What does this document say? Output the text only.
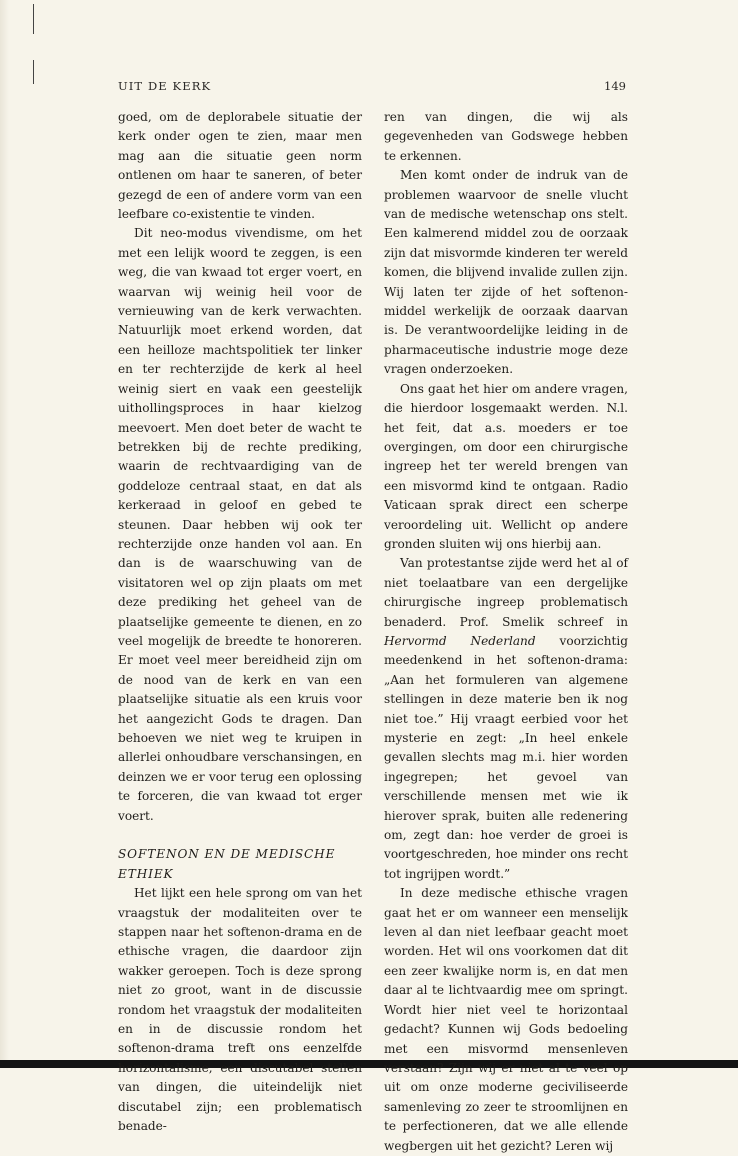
UIT DE KERK	149

goed, om de deplorabele situatie der kerk onder ogen te zien, maar men mag aan die situatie geen norm ontlenen om haar te saneren, of beter gezegd de een of andere vorm van een leefbare co-existentie te vinden.

Dit neo-modus vivendisme, om het met een lelijk woord te zeggen, is een weg, die van kwaad tot erger voert, en waarvan wij weinig heil voor de vernieuwing van de kerk verwachten. Natuurlijk moet erkend worden, dat een heilloze machtspolitiek ter linker en ter rechterzijde de kerk al heel weinig siert en vaak een geestelijk uithollingsproces in haar kielzog meevoert. Men doet beter de wacht te betrekken bij de rechte prediking, waarin de rechtvaardiging van de goddeloze centraal staat, en dat als kerkeraad in geloof en gebed te steunen. Daar hebben wij ook ter rechterzijde onze handen vol aan. En dan is de waarschuwing van de visitatoren wel op zijn plaats om met deze prediking het geheel van de plaatselijke gemeente te dienen, en zo veel mogelijk de breedte te honoreren. Er moet veel meer bereidheid zijn om de nood van de kerk en van een plaatselijke situatie als een kruis voor het aangezicht Gods te dragen. Dan behoeven we niet weg te kruipen in allerlei onhoudbare verschansingen, en deinzen we er voor terug een oplossing te forceren, die van kwaad tot erger voert.

SOFTENON EN DE MEDISCHE
ETHIEK

Het lijkt een hele sprong om van het vraagstuk der modaliteiten over te stappen naar het softenon-drama en de ethische vragen, die daardoor zijn wakker geroepen. Toch is deze sprong niet zo groot, want in de discussie rondom het vraagstuk der modaliteiten en in de discussie rondom het softenon-drama treft ons eenzelfde horizontalisme, een discutabel stellen van dingen, die uiteindelijk niet discutabel zijn; een problematisch benade-

ren van dingen, die wij als gegevenheden van Godswege hebben te erkennen.

Men komt onder de indruk van de problemen waarvoor de snelle vlucht van de medische wetenschap ons stelt. Een kalmerend middel zou de oorzaak zijn dat misvormde kinderen ter wereld komen, die blijvend invalide zullen zijn. Wij laten ter zijde of het softenon-middel werkelijk de oorzaak daarvan is. De verantwoordelijke leiding in de pharmaceutische industrie moge deze vragen onderzoeken.

Ons gaat het hier om andere vragen, die hierdoor losgemaakt werden. N.l. het feit, dat a.s. moeders er toe overgingen, om door een chirurgische ingreep het ter wereld brengen van een misvormd kind te ontgaan. Radio Vaticaan sprak direct een scherpe veroordeling uit. Wellicht op andere gronden sluiten wij ons hierbij aan.

Van protestantse zijde werd het al of niet toelaatbare van een dergelijke chirurgische ingreep problematisch benaderd. Prof. Smelik schreef in Hervormd Nederland voorzichtig meedenkend in het softenon-drama: „Aan het formuleren van algemene stellingen in deze materie ben ik nog niet toe.” Hij vraagt eerbied voor het mysterie en zegt: „In heel enkele gevallen slechts mag m.i. hier worden ingegrepen; het gevoel van verschillende mensen met wie ik hierover sprak, buiten alle redenering om, zegt dan: hoe verder de groei is voortgeschreden, hoe minder ons recht tot ingrijpen wordt.”

In deze medische ethische vragen gaat het er om wanneer een menselijk leven al dan niet leefbaar geacht moet worden. Het wil ons voorkomen dat dit een zeer kwalijke norm is, en dat men daar al te lichtvaardig mee om springt. Wordt hier niet veel te horizontaal gedacht? Kunnen wij Gods bedoeling met een misvormd mensenleven verstaan? Zijn wij er niet al te veel op uit om onze moderne geciviliseerde samenleving zo zeer te stroomlijnen en te perfectioneren, dat we alle ellende wegbergen uit het gezicht? Leren wij
